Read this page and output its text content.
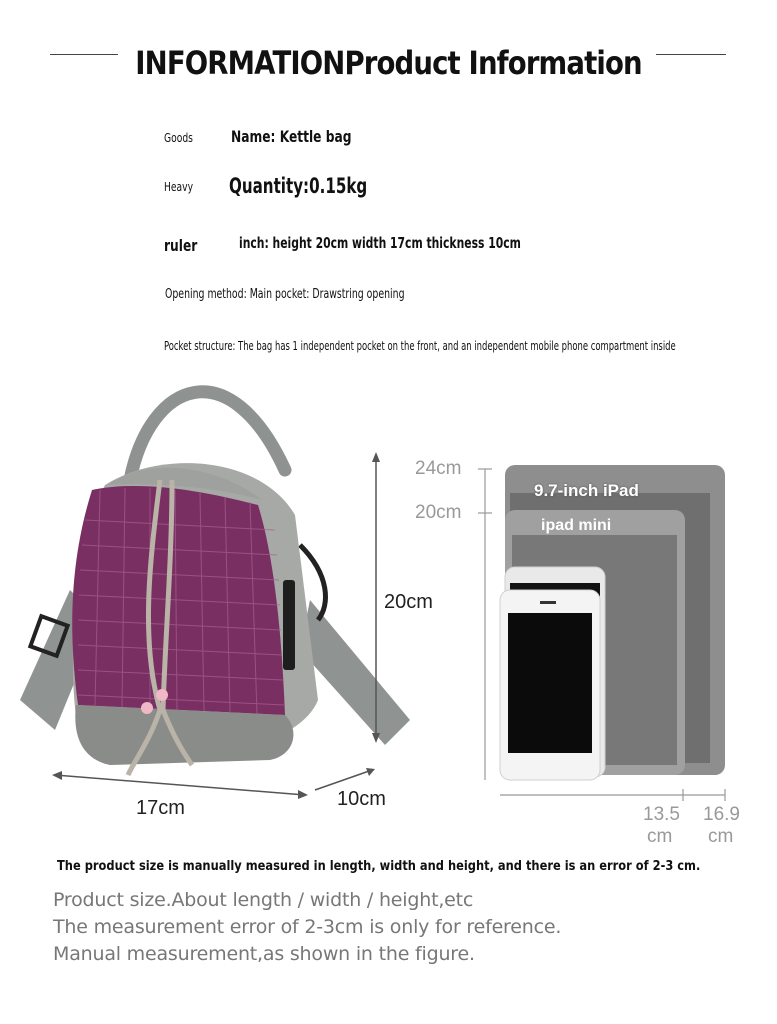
INFORMATIONProduct Information
Goods	Name: Kettle bag
Heavy Quantity:0.15kg
ruler	inch: height 20cm width 17cm thickness 10cm
Opening method: Main pocket: Drawstring opening
Pocket structure: The bag has 1 independent pocket on the front, and an independent mobile phone compartment inside
20cm
17cm	10cm
24cm
20cm
9.7-inch iPad
ipad mini
13.5
cm
16.9
cm
The product size is manually measured in length, width and height, and there is an error of 2-3 cm.
Product size.About length / width / height,etc
The measurement error of 2-3cm is only for reference.
Manual measurement,as shown in the figure.
